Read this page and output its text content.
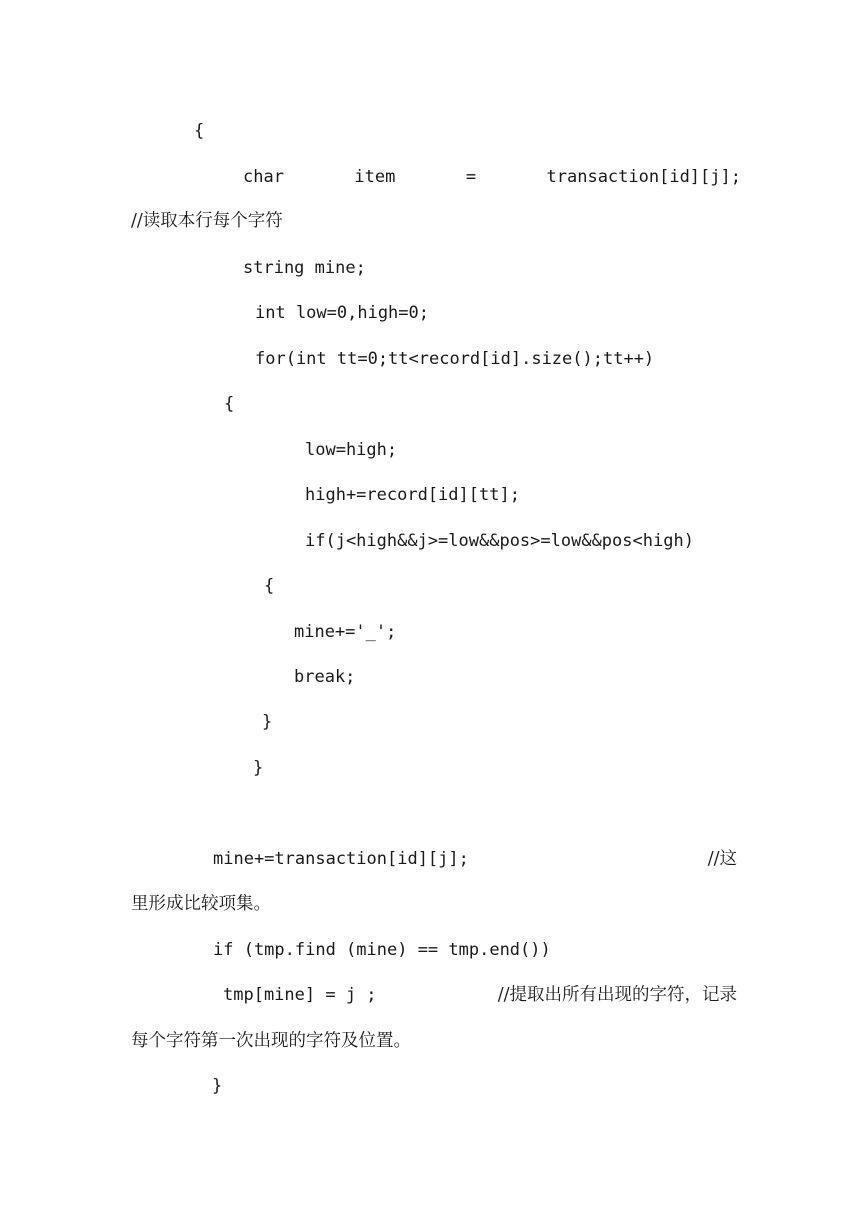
{
char	item	=	transaction[id][j];
//读取本行每个字符
string mine;
int low=0,high=0;
for(int tt=0;tt<record[id].size();tt++)
{
low=high;
high+=record[id][tt];
if(j<high&&j>=low&&pos>=low&&pos<high)
{
mine+='_';
break;
}
}
mine+=transaction[id][j];	//这
里形成比较项集。
if (tmp.find (mine) == tmp.end())
tmp[mine] = j ;	//提取出所有出现的字符，记录
每个字符第一次出现的字符及位置。
}
